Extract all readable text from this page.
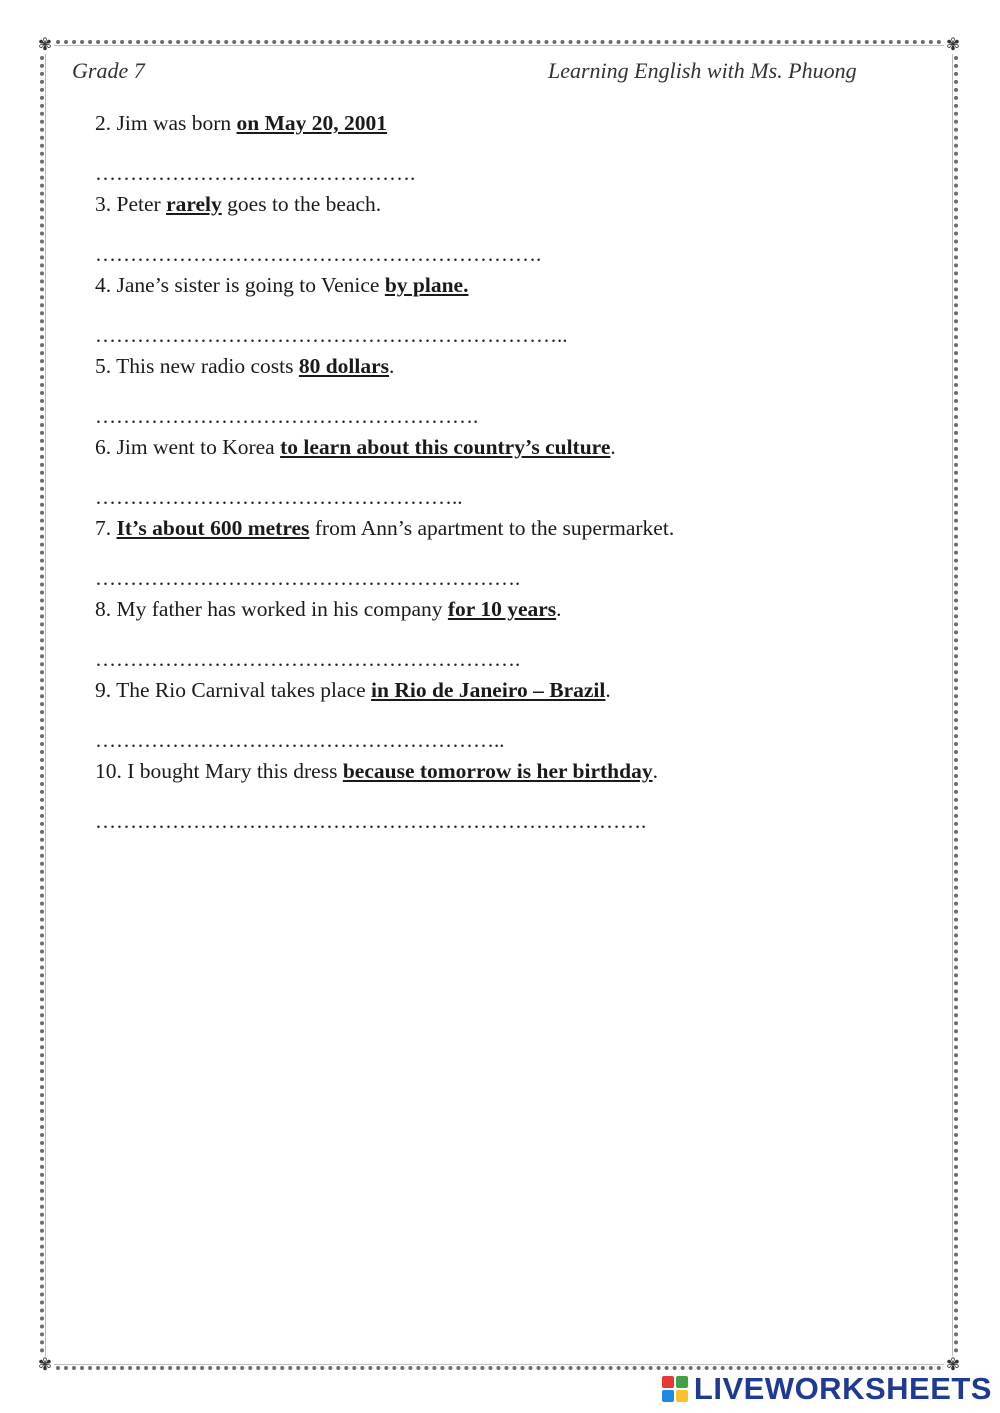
✾	✾
✾	✾
Grade 7	Learning English with Ms. Phuong
2. Jim was born on May 20, 2001
……………………………………….
3. Peter rarely goes to the beach.
……………………………………………………….
4. Jane’s sister is going to Venice by plane.
…………………………………………………………..
5. This new radio costs 80 dollars.
……………………………………………….
6. Jim went to Korea to learn about this country’s culture.
……………………………………………..
7. It’s about 600 metres from Ann’s apartment to the supermarket.
…………………………………………………….
8. My father has worked in his company for 10 years.
…………………………………………………….
9. The Rio Carnival takes place in Rio de Janeiro – Brazil.
…………………………………………………..
10. I bought Mary this dress because tomorrow is her birthday.
…………………………………………………………………….
LIVEWORKSHEETS
